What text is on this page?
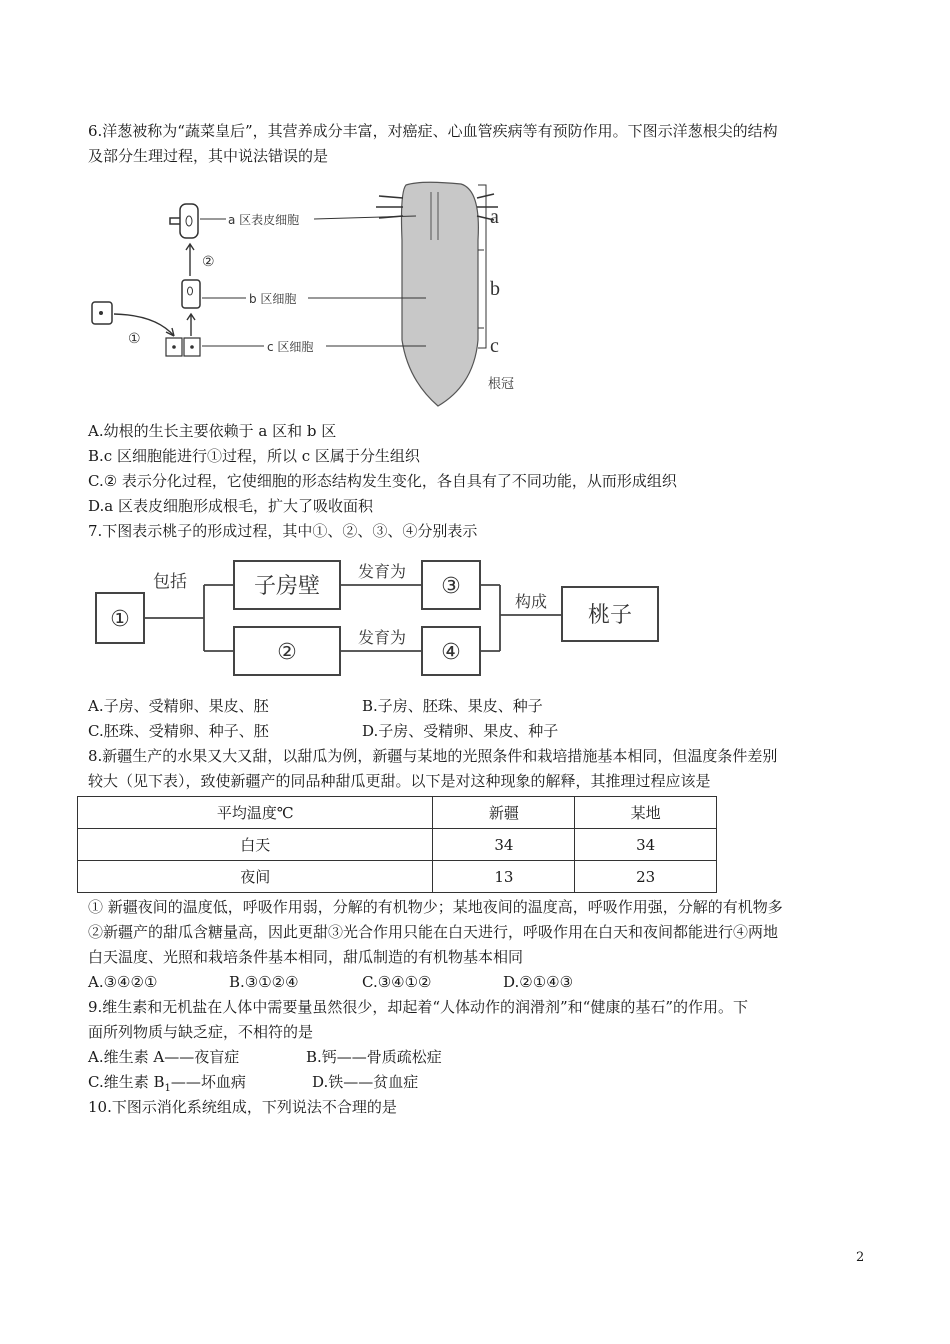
6.洋葱被称为“蔬菜皇后”，其营养成分丰富，对癌症、心血管疾病等有预防作用。下图示洋葱根尖的结构
及部分生理过程，其中说法错误的是
a
b
c
根冠
①
②
a 区表皮细胞
b 区细胞
c 区细胞
A.幼根的生长主要依赖于 a 区和 b 区
B.c 区细胞能进行①过程，所以 c 区属于分生组织
C.② 表示分化过程，它使细胞的形态结构发生变化，各自具有了不同功能，从而形成组织
D.a 区表皮细胞形成根毛，扩大了吸收面积
7.下图表示桃子的形成过程，其中①、②、③、④分别表示
包括	子房壁
发育为
发育为
构成
桃子
①
②
③
④
A.子房、受精卵、果皮、胚	B.子房、胚珠、果皮、种子
C.胚珠、受精卵、种子、胚	D.子房、受精卵、果皮、种子
8.新疆生产的水果又大又甜，以甜瓜为例，新疆与某地的光照条件和栽培措施基本相同，但温度条件差别
较大（见下表），致使新疆产的同品种甜瓜更甜。以下是对这种现象的解释，其推理过程应该是
平均温度℃	新疆	某地
白天	34	34
夜间	13	23
① 新疆夜间的温度低，呼吸作用弱，分解的有机物少；某地夜间的温度高，呼吸作用强，分解的有机物多
②新疆产的甜瓜含糖量高，因此更甜③光合作用只能在白天进行，呼吸作用在白天和夜间都能进行④两地
白天温度、光照和栽培条件基本相同，甜瓜制造的有机物基本相同
A.③④②①	B.③①②④	C.③④①②	D.②①④③
9.维生素和无机盐在人体中需要量虽然很少，却起着“人体动作的润滑剂”和“健康的基石”的作用。下
面所列物质与缺乏症，不相符的是
A.维生素 A——夜盲症	B.钙——骨质疏松症
C.维生素 $B_1——$坏血病	D.铁——贫血症
10.下图示消化系统组成，下列说法不合理的是
2
